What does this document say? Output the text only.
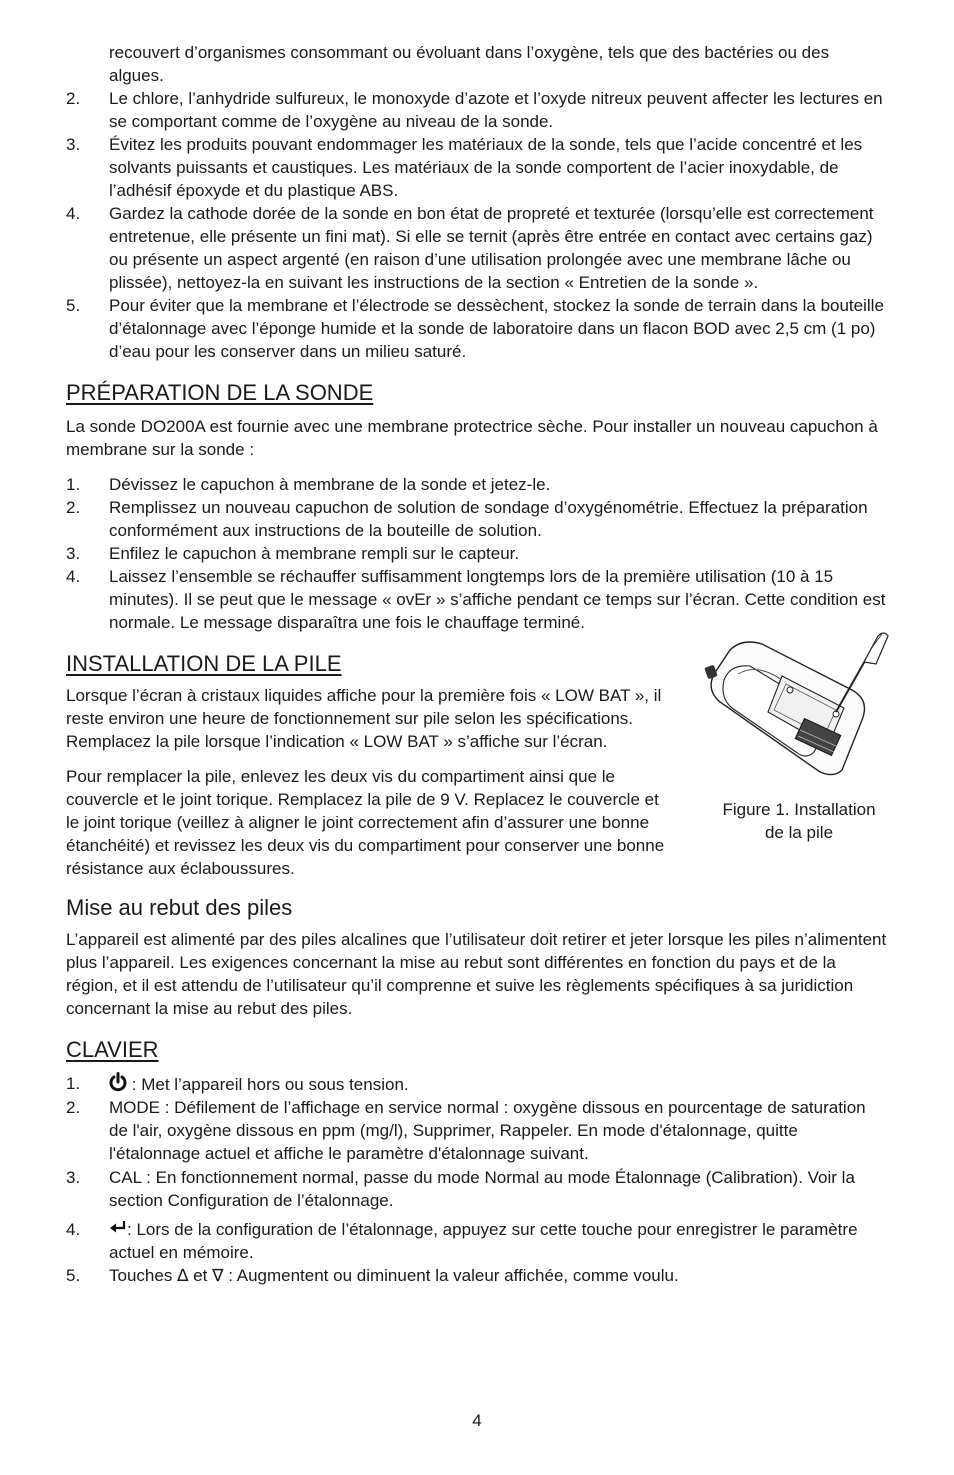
recouvert d’organismes consommant ou évoluant dans l’oxygène, tels que des bactéries ou des algues.
2. Le chlore, l’anhydride sulfureux, le monoxyde d’azote et l’oxyde nitreux peuvent affecter les lectures en se comportant comme de l’oxygène au niveau de la sonde.
3. Évitez les produits pouvant endommager les matériaux de la sonde, tels que l’acide concentré et les solvants puissants et caustiques. Les matériaux de la sonde comportent de l’acier inoxydable, de l’adhésif époxyde et du plastique ABS.
4. Gardez la cathode dorée de la sonde en bon état de propreté et texturée (lorsqu’elle est correctement entretenue, elle présente un fini mat). Si elle se ternit (après être entrée en contact avec certains gaz) ou présente un aspect argenté (en raison d’une utilisation prolongée avec une membrane lâche ou plissée), nettoyez-la en suivant les instructions de la section « Entretien de la sonde ».
5. Pour éviter que la membrane et l’électrode se dessèchent, stockez la sonde de terrain dans la bouteille d’étalonnage avec l’éponge humide et la sonde de laboratoire dans un flacon BOD avec 2,5 cm (1 po) d’eau pour les conserver dans un milieu saturé.
PRÉPARATION DE LA SONDE

La sonde DO200A est fournie avec une membrane protectrice sèche. Pour installer un nouveau capuchon à membrane sur la sonde :

1. Dévissez le capuchon à membrane de la sonde et jetez-le.
2. Remplissez un nouveau capuchon de solution de sondage d’oxygénométrie. Effectuez la préparation conformément aux instructions de la bouteille de solution.
3. Enfilez le capuchon à membrane rempli sur le capteur.
4. Laissez l’ensemble se réchauffer suffisamment longtemps lors de la première utilisation (10 à 15 minutes). Il se peut que le message « ovEr » s’affiche pendant ce temps sur l’écran. Cette condition est normale. Le message disparaîtra une fois le chauffage terminé.
INSTALLATION DE LA PILE

Lorsque l’écran à cristaux liquides affiche pour la première fois « LOW BAT », il reste environ une heure de fonctionnement sur pile selon les spécifications. Remplacez la pile lorsque l’indication « LOW BAT » s’affiche sur l’écran.

Pour remplacer la pile, enlevez les deux vis du compartiment ainsi que le couvercle et le joint torique. Remplacez la pile de 9 V. Replacez le couvercle et le joint torique (veillez à aligner le joint correctement afin d’assurer une bonne étanchéité) et revissez les deux vis du compartiment pour conserver une bonne résistance aux éclaboussures.

Figure 1. Installation de la pile
Mise au rebut des piles

L’appareil est alimenté par des piles alcalines que l’utilisateur doit retirer et jeter lorsque les piles n’alimentent plus l’appareil. Les exigences concernant la mise au rebut sont différentes en fonction du pays et de la région, et il est attendu de l’utilisateur qu’il comprenne et suive les règlements spécifiques à sa juridiction concernant la mise au rebut des piles.

CLAVIER
1.	: Met l’appareil hors ou sous tension.
2. MODE : Défilement de l’affichage en service normal : oxygène dissous en pourcentage de saturation de l'air, oxygène dissous en ppm (mg/l), Supprimer, Rappeler. En mode d'étalonnage, quitte l'étalonnage actuel et affiche le paramètre d'étalonnage suivant.
3. CAL : En fonctionnement normal, passe du mode Normal au mode Étalonnage (Calibration). Voir la section Configuration de l’étalonnage.
4.	: Lors de la configuration de l’étalonnage, appuyez sur cette touche pour enregistrer le paramètre actuel en mémoire.
5. Touches ∆ et ∇ : Augmentent ou diminuent la valeur affichée, comme voulu.
4
